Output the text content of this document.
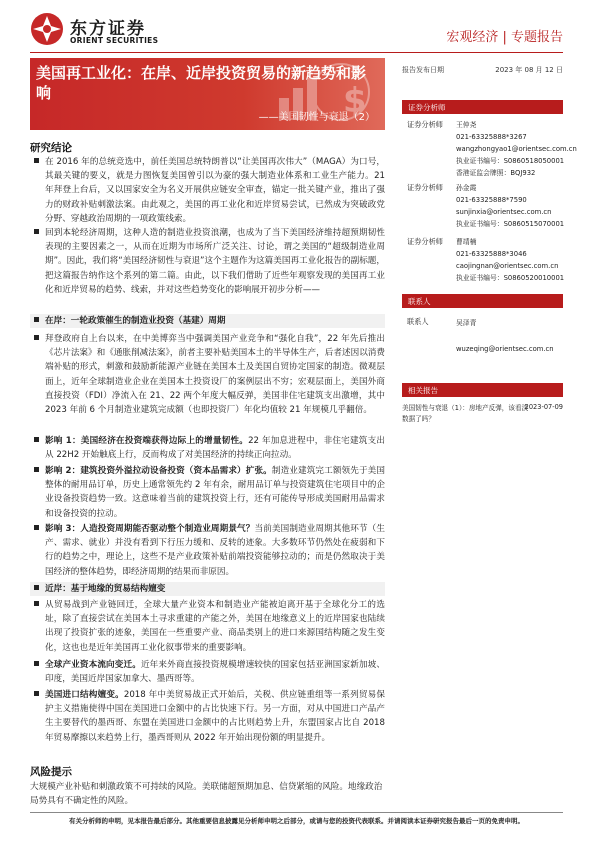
东方证券
ORIENT SECURITIES	宏观经济 | 专题报告
$
美国再工业化：在岸、近岸投资贸易的新趋势和影响
——美国韧性与衰退（2）
研究结论
在 2016 年的总统竞选中，前任美国总统特朗普以“让美国再次伟大”（MAGA）为口号，其最关键的要义，就是力图恢复美国曾引以为豪的强大制造业体系和工业生产能力。21 年拜登上台后，又以国家安全为名义开展供应链安全审查，锚定一批关键产业，推出了强力的财政补贴刺激法案。由此观之，美国的再工业化和近岸贸易尝试，已然成为突破政党分野、穿越政治周期的一项政策线索。
回到本轮经济周期，这种人造的制造业投资浪潮，也成为了当下美国经济维持超预期韧性表现的主要因素之一，从而在近期为市场所广泛关注、讨论，谓之美国的“超级制造业周期”。因此，我们将“美国经济韧性与衰退”这个主题作为这篇美国再工业化报告的副标题，把这篇报告纳作这个系列的第二篇。由此，以下我们借助了近些年观察发现的美国再工业化和近岸贸易的趋势、线索，并对这些趋势变化的影响展开初步分析——
在岸：一轮政策催生的制造业投资（基建）周期
拜登政府自上台以来，在中美博弈当中强调美国产业竞争和“强化自我”，22 年先后推出《芯片法案》和《通胀削减法案》，前者主要补贴美国本土的半导体生产，后者述因以消费端补贴的形式，刺激和鼓励新能源产业链在美国本土及美国自贸协定国家的制造。微观层面上，近年全球制造业企业在美国本土投资设厂的案例层出不穷；宏观层面上，美国外商直接投资（FDI）净流入在 21、22 两个年度大幅反弹，美国非住宅建筑支出激增，其中 2023 年前 6 个月制造业建筑完成额（也即投资厂）年化均值较 21 年规模几乎翻倍。
影响 1：美国经济在投资端获得边际上的增量韧性。22 年加息进程中，非住宅建筑支出从 22H2 开始触底上行，反而构成了对美国经济的持续正向拉动。
影响 2：建筑投资外溢拉动设备投资（资本品需求）扩张。制造业建筑完工额领先于美国整体的耐用品订单，历史上通常领先约 2 年有余，耐用品订单与投资建筑住宅项目中的企业设备投资趋势一致。这意味着当前的建筑投资上行，还有可能传导形成美国耐用品需求和设备投资的拉动。
影响 3：人造投资周期能否驱动整个制造业周期景气？当前美国制造业周期其他环节（生产、需求、就业）并没有看到下行压力缓和、反转的迹象。大多数环节仍然处在疲弱和下行的趋势之中，理论上，这些不是产业政策补贴前端投资能够拉动的；而是仍然取决于美国经济的整体趋势，即经济周期的结果而非原因。
近岸：基于地缘的贸易结构嬗变
从贸易战到产业链回迁，全球大量产业资本和制造业产能被迫离开基于全球化分工的选址，除了直接尝试在美国本土寻求重建的产能之外，美国在地缘意义上的近岸国家也陆续出现了投资扩张的迹象，美国在一些重要产业、商品类别上的进口来源国结构随之发生变化，这也也是近年美国再工业化叙事带来的重要影响。
全球产业资本流向变迁。近年来外商直接投资规模增速较快的国家包括亚洲国家新加坡、印度，美国近岸国家加拿大、墨西哥等。
美国进口结构嬗变。2018 年中美贸易战正式开始后，关税、供应链重组等一系列贸易保护主义措施使得中国在美国进口金额中的占比快速下行。另一方面，对从中国进口产品产生主要替代的墨西哥、东盟在美国进口金额中的占比则趋势上升，东盟国家占比自 2018 年贸易摩擦以来趋势上行，墨西哥则从 2022 年开始出现份额的明显提升。
风险提示
大规模产业补贴和刺激政策不可持续的风险。美联储超预期加息、信贷紧缩的风险。地缘政治局势具有不确定性的风险。
报告发布日期	2023 年 08 月 12 日
证券分析师
证券分析师 王仲尧
021-63325888*3267
wangzhongyao1@orientsec.com.cn
执业证书编号：S0860518050001
香港证监会牌照：BQJ932
证券分析师 孙金霞
021-63325888*7590
sunjinxia@orientsec.com.cn
执业证书编号：S0860515070001
证券分析师 曹靖楠
021-63325888*3046
caojingnan@orientsec.com.cn
执业证书编号：S0860520010001
联系人
联系人	吴泽青
wuzeqing@orientsec.com.cn
相关报告
美国韧性与衰退（1）：房地产反弹，该看淡数据了吗？
2023-07-09
有关分析师的申明，见本报告最后部分。其他重要信息披露见分析师申明之后部分，或请与您的投资代表联系。并请阅读本证券研究报告最后一页的免责申明。
